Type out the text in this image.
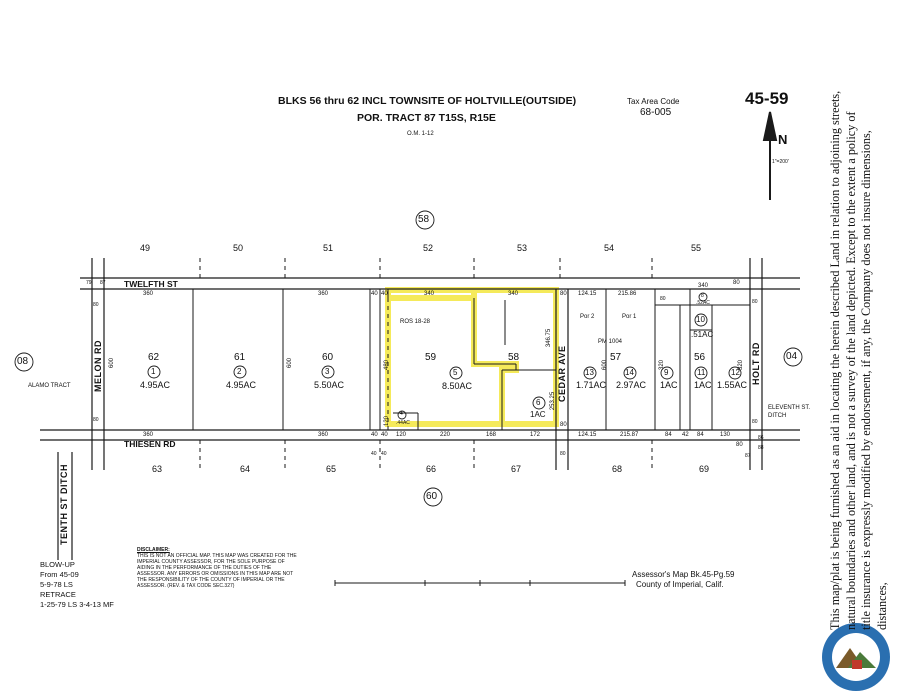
BLKS 56 thru 62 INCL TOWNSITE OF HOLTVILLE(OUTSIDE)
POR. TRACT 87 T15S, R15E
O.M. 1-12
Tax Area Code
68-005
45-59
N
1"=200'
58
60
08	04
49	50	51	52	53	54	55
63	64	65	66	67	68	69
TWELFTH ST
THIESEN RD
MELON RD	CEDAR AVE	HOLT RD
TENTH ST DITCH
ELEVENTH ST.
DITCH
ALAMO TRACT
62
1
4.95AC
61
2
4.95AC
60
3
5.50AC
59
5
8.50AC
58
6
1AC
57
13
1.71AC
14
2.97AC
9
1AC
56
11
1AC
12
1.55AC
4
.44AC
8
.52AC
10
.51AC
ROS 18-28
PM 1004
Por 2	Por 1
360	360	40 40	340	340	80 124.15	215.86
340	80
360	360	40 40 120	220	168	172
80
124.15	215.87	84 42 84	130
80
600	600	480
120
346.75
253.25
600	320	320
79 87
80
80
80
80
86
88
87
80
80
40 40
BLOW-UP
From 45-09
5-9-78 LS
RETRACE
1-25-79 LS 3-4-13 MF
DISCLAIMER:
THIS IS NOT AN OFFICIAL MAP. THIS MAP WAS CREATED FOR THE IMPERIAL COUNTY ASSESSOR, FOR THE SOLE PURPOSE OF AIDING IN THE PERFORMANCE OF THE DUTIES OF THE ASSESSOR. ANY ERRORS OR OMISSIONS IN THIS MAP ARE NOT THE RESPONSIBILITY OF THE COUNTY OF IMPERIAL OR THE ASSESSOR. (REV. & TAX CODE SEC.327)
Assessor's Map Bk.45-Pg.59
County of Imperial, Calif.	This map/plat is being furnished as an aid in locating the herein described Land in relation to adjoining streets, natural boundaries and other land, and is not a survey of the land depicted. Except to the extent a policy of title insurance is expressly modified by endorsement, if any, the Company does not insure dimensions, distances,
